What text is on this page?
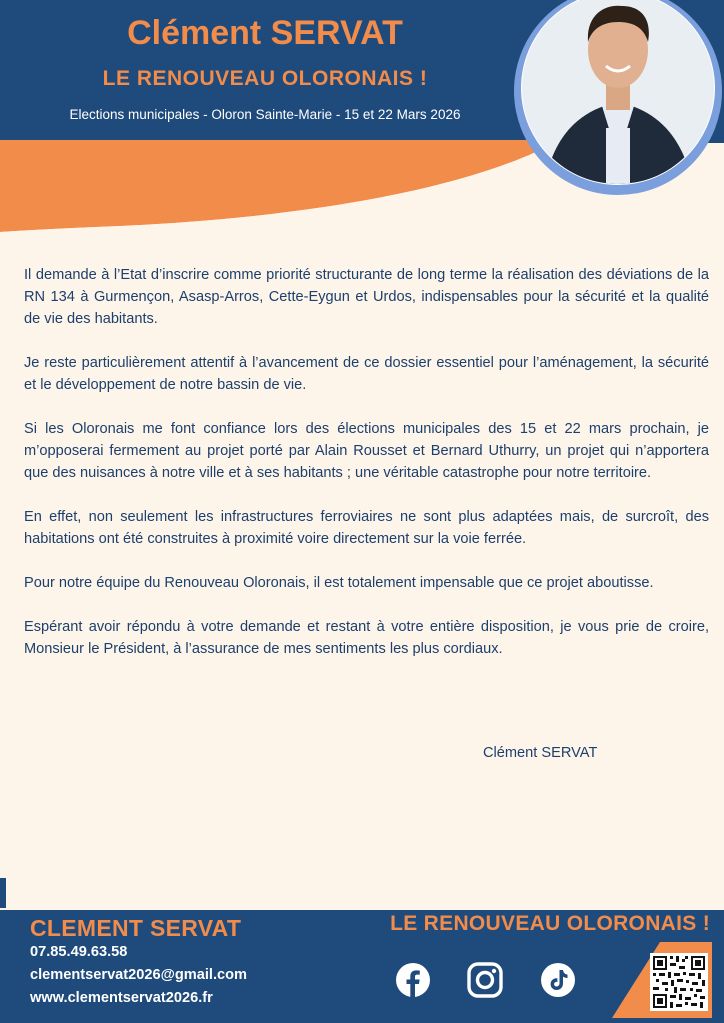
Clément SERVAT
LE RENOUVEAU OLORONAIS !
Elections municipales - Oloron Sainte-Marie - 15 et 22 Mars 2026

Il demande à l’Etat d’inscrire comme priorité structurante de long terme la réalisation des déviations de la RN 134 à Gurmençon, Asasp-Arros, Cette-Eygun et Urdos, indispensables pour la sécurité et la qualité de vie des habitants.

Je reste particulièrement attentif à l’avancement de ce dossier essentiel pour l’aménagement, la sécurité et le développement de notre bassin de vie.

Si les Oloronais me font confiance lors des élections municipales des 15 et 22 mars prochain, je m’opposerai fermement au projet porté par Alain Rousset et Bernard Uthurry, un projet qui n’apportera que des nuisances à notre ville et à ses habitants ; une véritable catastrophe pour notre territoire.

En effet, non seulement les infrastructures ferroviaires ne sont plus adaptées mais, de surcroît, des habitations ont été construites à proximité voire directement sur la voie ferrée.

Pour notre équipe du Renouveau Oloronais, il est totalement impensable que ce projet aboutisse.

Espérant avoir répondu à votre demande et restant à votre entière disposition, je vous prie de croire, Monsieur le Président, à l’assurance de mes sentiments les plus cordiaux.

Clément SERVAT
CLEMENT SERVAT	LE RENOUVEAU OLORONAIS !
07.85.49.63.58
clementservat2026@gmail.com
www.clementservat2026.fr
